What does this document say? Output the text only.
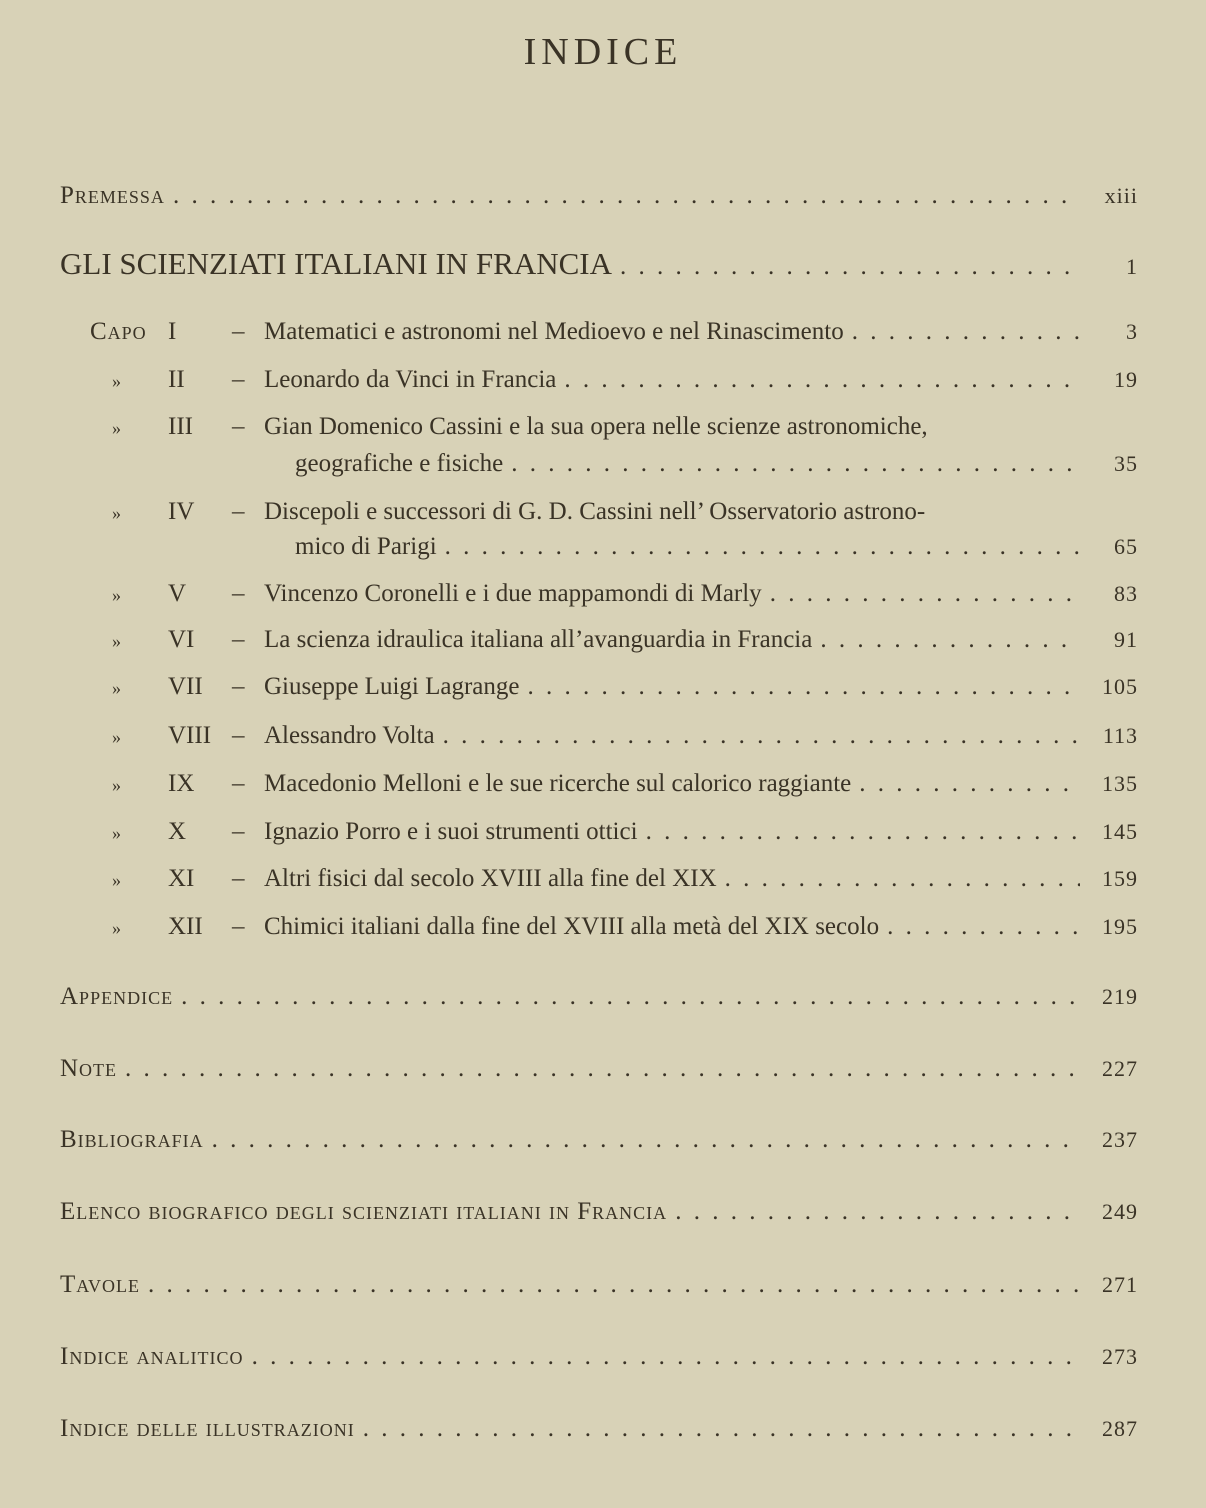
INDICE
Premessa . . .	xiii
GLI SCIENZIATI ITALIANI IN FRANCIA . . .	1
Capo I	– Matematici e astronomi nel Medioevo e nel Rinascimento . . .	3
»	II	– Leonardo da Vinci in Francia . . .	19
»	III	– Gian Domenico Cassini e la sua opera nelle scienze astronomiche,
geografiche e fisiche . . .	35
»	IV	– Discepoli e successori di G. D. Cassini nell’ Osservatorio astrono-
mico di Parigi . . .	65
»	V	– Vincenzo Coronelli e i due mappamondi di Marly . . .	83
»	VI	– La scienza idraulica italiana all’avanguardia in Francia . . .	91
»	VII	– Giuseppe Luigi Lagrange . . .	105
»	VIII – Alessandro Volta . . .	113
»	IX	– Macedonio Melloni e le sue ricerche sul calorico raggiante . . .	135
»	X	– Ignazio Porro e i suoi strumenti ottici . . .	145
»	XI	– Altri fisici dal secolo XVIII alla fine del XIX . . .	159
»	XII	– Chimici italiani dalla fine del XVIII alla metà del XIX secolo . . .	195
Appendice . . .	219
Note . . .	227
Bibliografia . . .	237
Elenco biografico degli scienziati italiani in Francia . . .	249
Tavole . . .	271
Indice analitico . . .	273
Indice delle illustrazioni . . .	287
